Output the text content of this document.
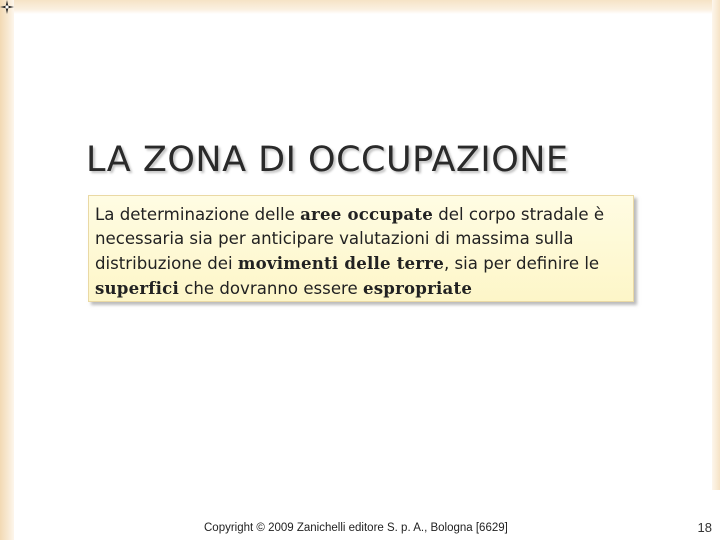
LA ZONA DI OCCUPAZIONE
La determinazione delle aree occupate del corpo stradale è necessaria sia per anticipare valutazioni di massima sulla distribuzione dei movimenti delle terre, sia per definire le superfici che dovranno essere espropriate
Copyright © 2009 Zanichelli editore S. p. A., Bologna [6629]	18
